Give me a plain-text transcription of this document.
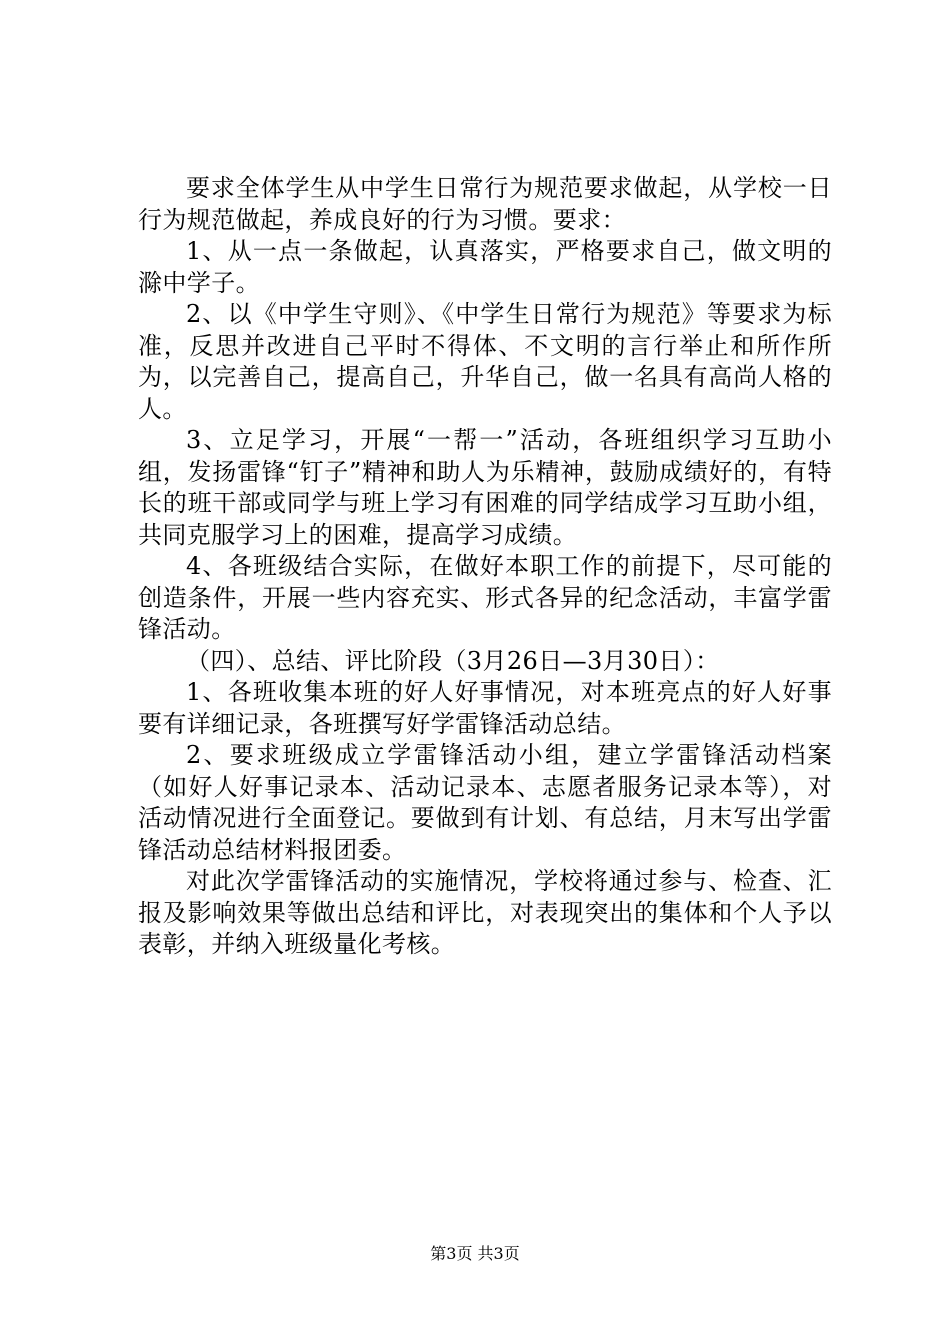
要求全体学生从中学生日常行为规范要求做起，从学校一日行为规范做起，养成良好的行为习惯。要求：

1、从一点一条做起，认真落实，严格要求自己，做文明的滁中学子。

2、以《中学生守则》、《中学生日常行为规范》等要求为标准，反思并改进自己平时不得体、不文明的言行举止和所作所为，以完善自己，提高自己，升华自己，做一名具有高尚人格的人。

3、立足学习，开展“一帮一”活动，各班组织学习互助小组，发扬雷锋“钉子”精神和助人为乐精神，鼓励成绩好的，有特长的班干部或同学与班上学习有困难的同学结成学习互助小组，共同克服学习上的困难，提高学习成绩。

4、各班级结合实际，在做好本职工作的前提下，尽可能的创造条件，开展一些内容充实、形式各异的纪念活动，丰富学雷锋活动。

（四）、总结、评比阶段（3月26日—3月30日）：

1、各班收集本班的好人好事情况，对本班亮点的好人好事要有详细记录，各班撰写好学雷锋活动总结。

2、要求班级成立学雷锋活动小组，建立学雷锋活动档案（如好人好事记录本、活动记录本、志愿者服务记录本等），对活动情况进行全面登记。要做到有计划、有总结，月末写出学雷锋活动总结材料报团委。

对此次学雷锋活动的实施情况，学校将通过参与、检查、汇报及影响效果等做出总结和评比，对表现突出的集体和个人予以表彰，并纳入班级量化考核。

第3页 共3页
